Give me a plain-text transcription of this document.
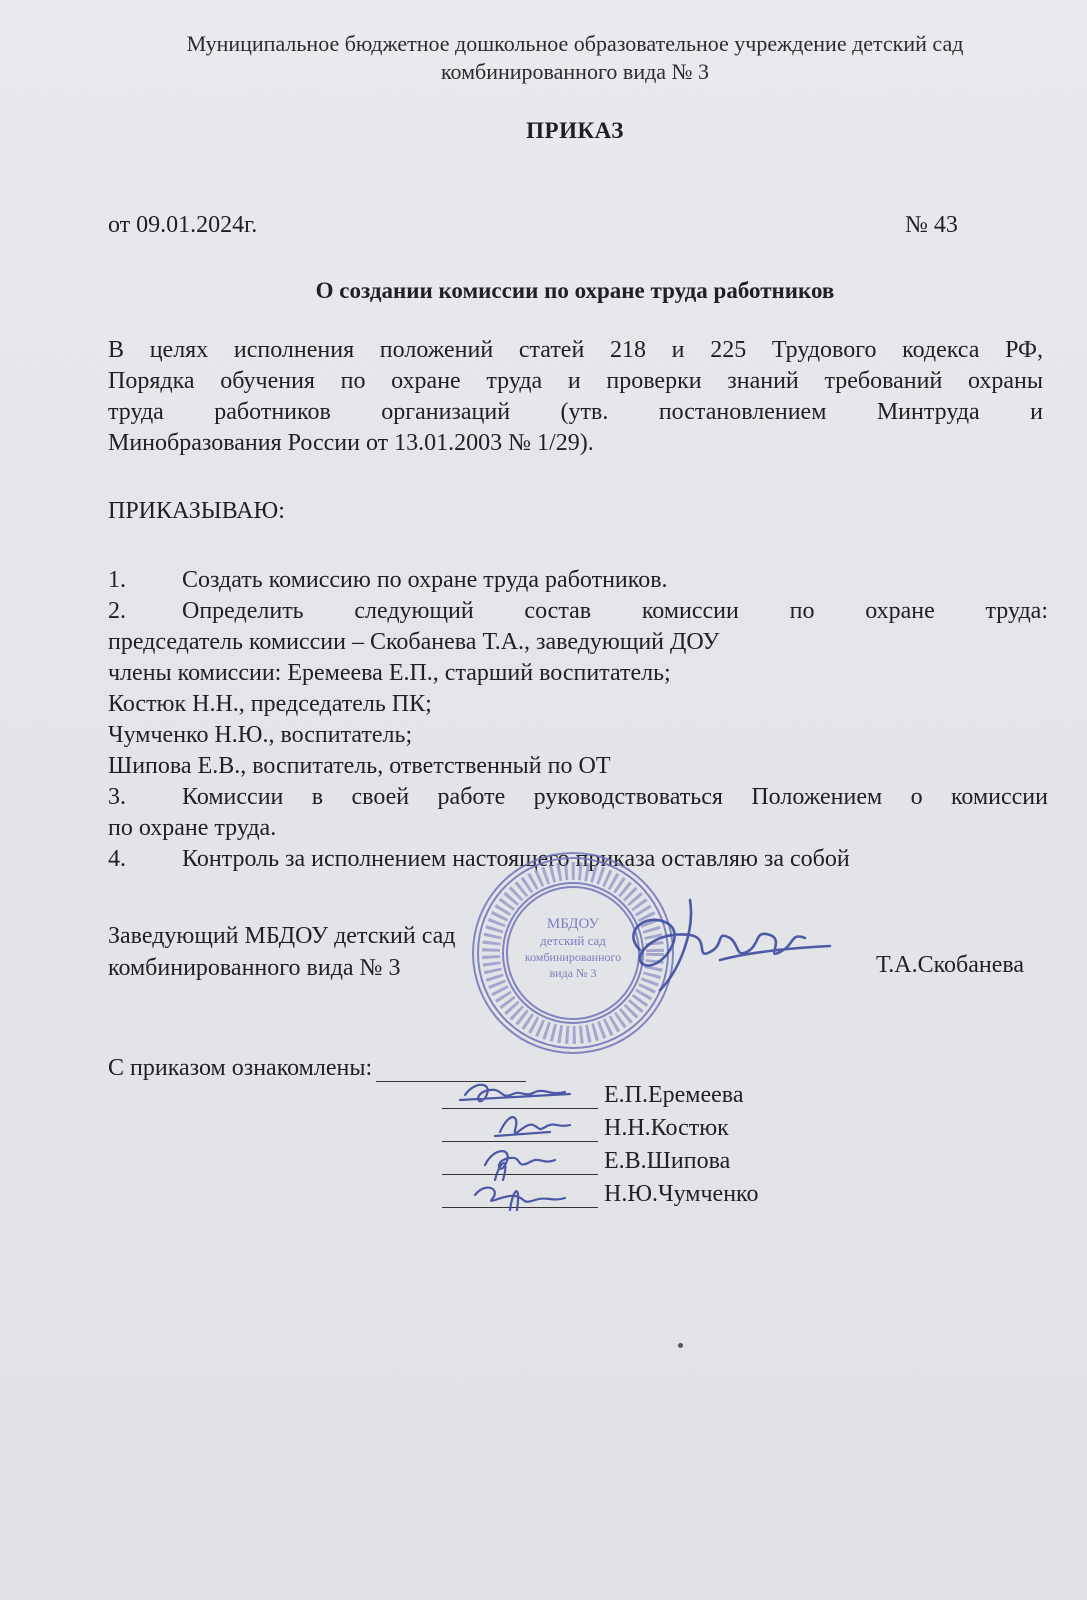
Муниципальное бюджетное дошкольное образовательное учреждение детский сад
комбинированного вида № 3
ПРИКАЗ
от 09.01.2024г.	№ 43
О создании комиссии по охране труда работников
В целях исполнения положений статей 218 и 225 Трудового кодекса РФ,
Порядка обучения по охране труда и проверки знаний требований охраны
труда работников организаций (утв. постановлением Минтруда и
Минобразования России от 13.01.2003 № 1/29).
ПРИКАЗЫВАЮ:
1. Создать комиссию по охране труда работников.
2. Определить следующий состав комиссии по охране труда:
председатель комиссии – Скобанева Т.А., заведующий ДОУ
члены комиссии: Еремеева Е.П., старший воспитатель;
Костюк Н.Н., председатель ПК;
Чумченко Н.Ю., воспитатель;
Шипова Е.В., воспитатель, ответственный по ОТ
3. Комиссии в своей работе руководствоваться Положением о комиссии
по охране труда.
4. Контроль за исполнением настоящего приказа оставляю за собой
МБДОУ
детский сад
комбинированного
вида № 3
Заведующий МБДОУ детский сад
комбинированного вида № 3	Т.А.Скобанева
С приказом ознакомлены:
Е.П.Еремеева
Н.Н.Костюк
Е.В.Шипова
Н.Ю.Чумченко
